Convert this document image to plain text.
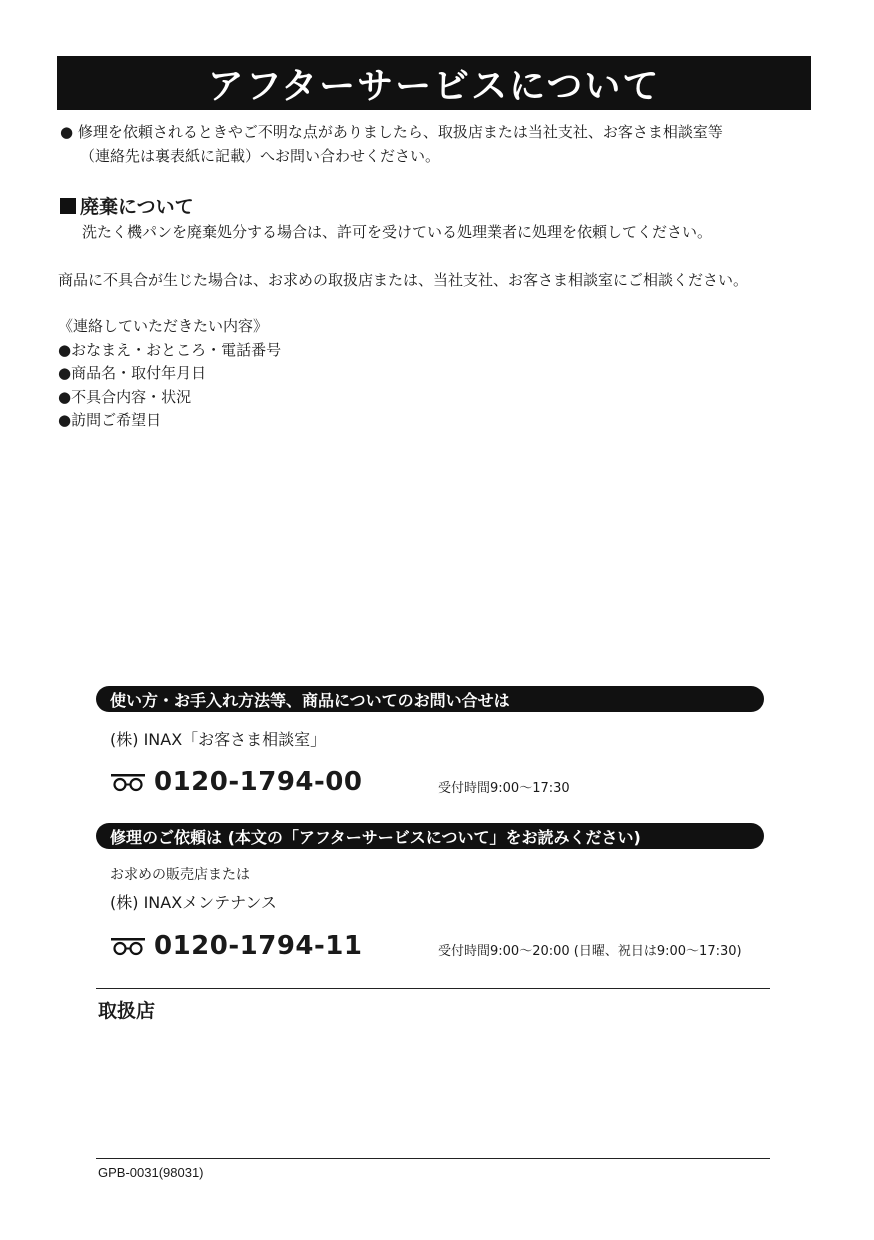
アフターサービスについて
● 修理を依頼されるときやご不明な点がありましたら、取扱店または当社支社、お客さま相談室等
（連絡先は裏表紙に記載）へお問い合わせください。
廃棄について
洗たく機パンを廃棄処分する場合は、許可を受けている処理業者に処理を依頼してください。
商品に不具合が生じた場合は、お求めの取扱店または、当社支社、お客さま相談室にご相談ください。
《連絡していただきたい内容》
●おなまえ・おところ・電話番号
●商品名・取付年月日
●不具合内容・状況
●訪問ご希望日
使い方・お手入れ方法等、商品についてのお問い合せは
(株) INAX「お客さま相談室」
0120-1794-00	受付時間9:00～17:30
修理のご依頼は (本文の「アフターサービスについて」をお読みください)
お求めの販売店または
(株) INAXメンテナンス
0120-1794-11	受付時間9:00～20:00 (日曜、祝日は9:00～17:30)
取扱店
GPB-0031(98031)
